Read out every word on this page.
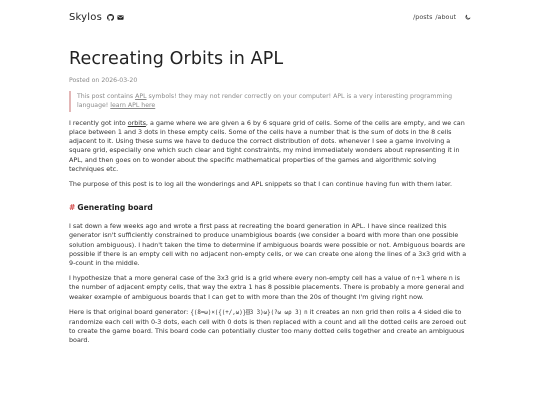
Skylos	/posts /about
Recreating Orbits in APL
Posted on 2026-03-20
This post contains APL symbols! they may not render correctly on your computer! APL is a very interesting programming language! learn APL here

I recently got into orbits, a game where we are given a 6 by 6 square grid of cells. Some of the cells are empty, and we can place between 1 and 3 dots in these empty cells. Some of the cells have a number that is the sum of dots in the 8 cells adjacent to it. Using these sums we have to deduce the correct distribution of dots. whenever I see a game involving a square grid, especially one which such clear and tight constraints, my mind immediately wonders about representing it in APL, and then goes on to wonder about the specific mathematical properties of the games and algorithmic solving techniques etc.

The purpose of this post is to log all the wonderings and APL snippets so that I can continue having fun with them later.

# Generating board

I sat down a few weeks ago and wrote a first pass at recreating the board generation in APL. I have since realized this generator isn't sufficiently constrained to produce unambigious boards (we consider a board with more than one possible solution ambiguous). I hadn't taken the time to determine if ambiguous boards were possible or not. Ambiguous boards are possible if there is an empty cell with no adjacent non-empty cells, or we can create one along the lines of a 3x3 grid with a 9-count in the middle.

I hypothesize that a more general case of the 3x3 grid is a grid where every non-empty cell has a value of n+1 where n is the number of adjacent empty cells, that way the extra 1 has 8 possible placements. There is probably a more general and weaker example of ambiguous boards that I can get to with more than the 20s of thought I'm giving right now.

Here is that original board generator: {(8=⍵)×({(+/,⍵)}⌺3 3)⍵}(?⍵ ⍵⍴ 3) n it creates an nxn grid then rolls a 4 sided die to randomize each cell with 0-3 dots, each cell with 0 dots is then replaced with a count and all the dotted cells are zeroed out to create the game board. This board code can potentially cluster too many dotted cells together and create an ambiguous board.
